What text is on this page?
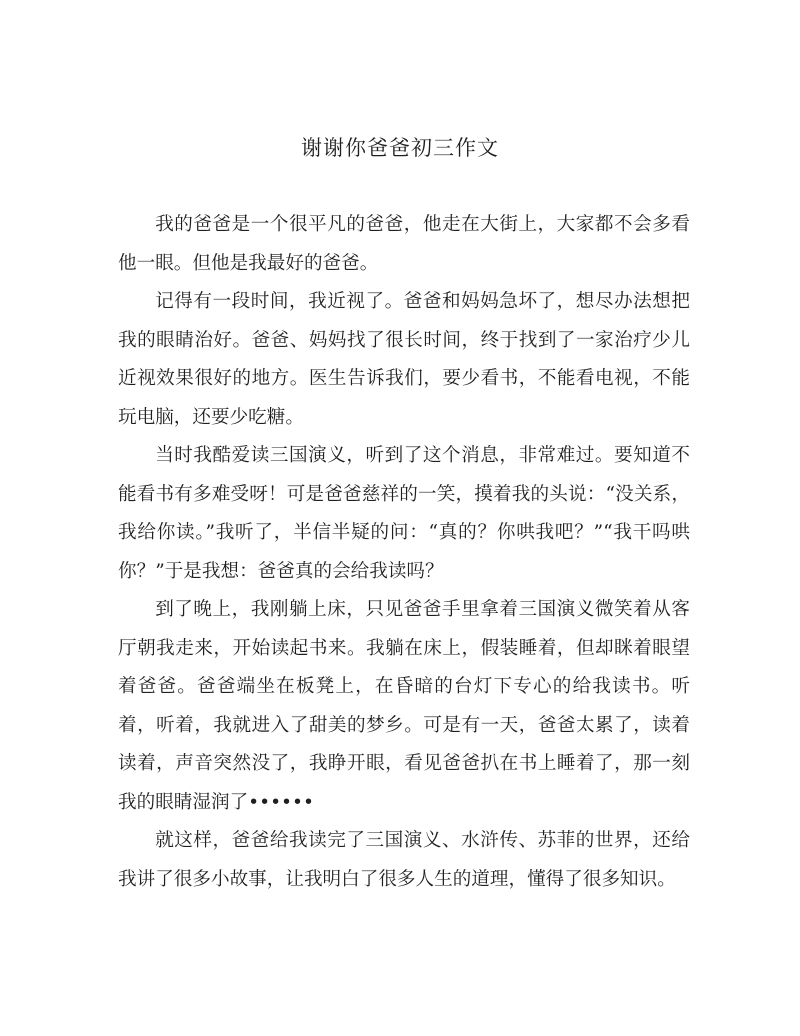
谢谢你爸爸初三作文

我的爸爸是一个很平凡的爸爸，他走在大街上，大家都不会多看他一眼。但他是我最好的爸爸。

记得有一段时间，我近视了。爸爸和妈妈急坏了，想尽办法想把我的眼睛治好。爸爸、妈妈找了很长时间，终于找到了一家治疗少儿近视效果很好的地方。医生告诉我们，要少看书，不能看电视，不能玩电脑，还要少吃糖。

当时我酷爱读三国演义，听到了这个消息，非常难过。要知道不能看书有多难受呀！可是爸爸慈祥的一笑，摸着我的头说：“没关系，我给你读。”我听了，半信半疑的问：“真的？你哄我吧？”“我干吗哄你？”于是我想：爸爸真的会给我读吗？

到了晚上，我刚躺上床，只见爸爸手里拿着三国演义微笑着从客厅朝我走来，开始读起书来。我躺在床上，假装睡着，但却眯着眼望着爸爸。爸爸端坐在板凳上，在昏暗的台灯下专心的给我读书。听着，听着，我就进入了甜美的梦乡。可是有一天，爸爸太累了，读着读着，声音突然没了，我睁开眼，看见爸爸扒在书上睡着了，那一刻我的眼睛湿润了••••••

就这样，爸爸给我读完了三国演义、水浒传、苏菲的世界，还给我讲了很多小故事，让我明白了很多人生的道理，懂得了很多知识。
